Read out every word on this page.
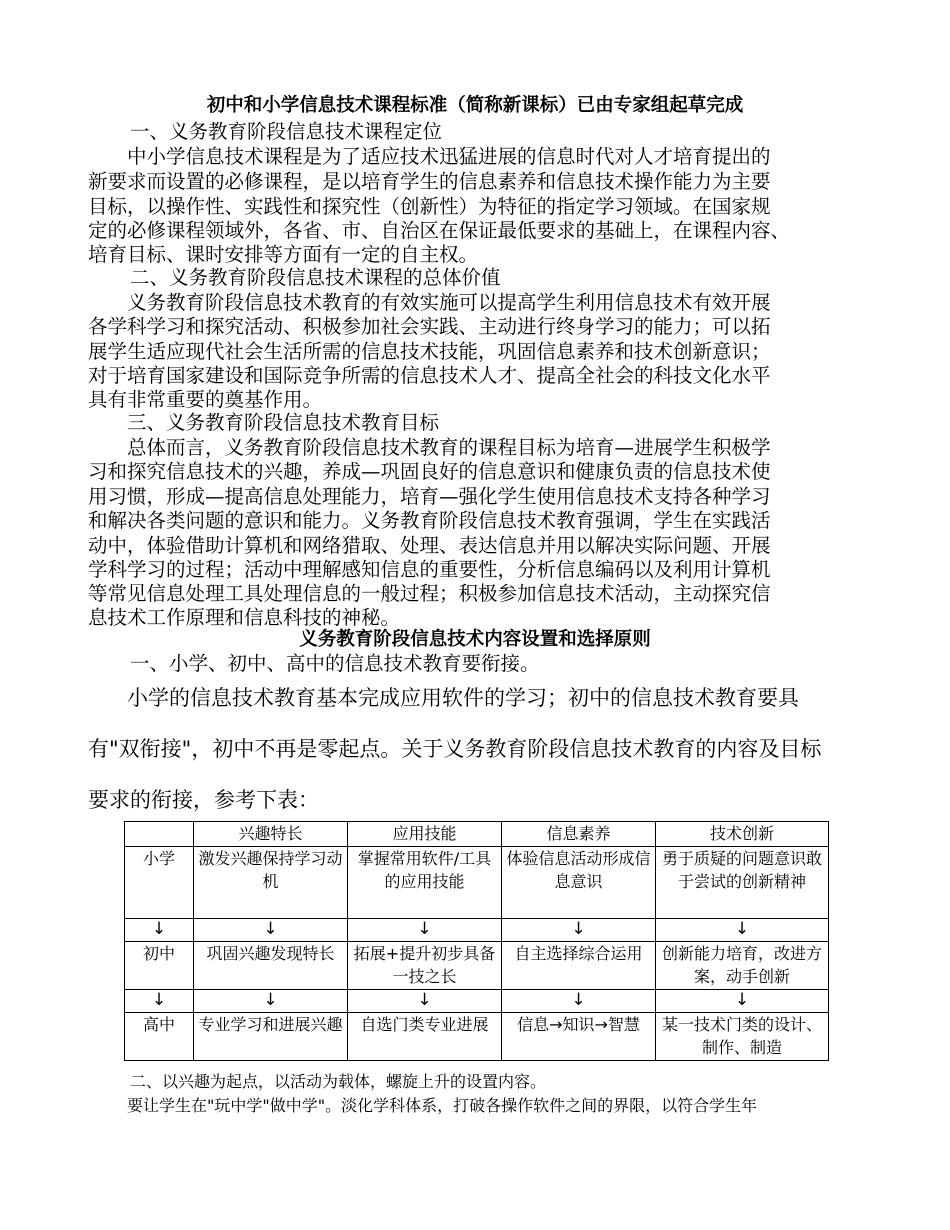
初中和小学信息技术课程标准（简称新课标）已由专家组起草完成
一、义务教育阶段信息技术课程定位
中小学信息技术课程是为了适应技术迅猛进展的信息时代对人才培育提出的
新要求而设置的必修课程，是以培育学生的信息素养和信息技术操作能力为主要
目标，以操作性、实践性和探究性（创新性）为特征的指定学习领域。在国家规
定的必修课程领域外，各省、市、自治区在保证最低要求的基础上，在课程内容、
培育目标、课时安排等方面有一定的自主权。
二、义务教育阶段信息技术课程的总体价值
义务教育阶段信息技术教育的有效实施可以提高学生利用信息技术有效开展
各学科学习和探究活动、积极参加社会实践、主动进行终身学习的能力；可以拓
展学生适应现代社会生活所需的信息技术技能，巩固信息素养和技术创新意识；
对于培育国家建设和国际竞争所需的信息技术人才、提高全社会的科技文化水平
具有非常重要的奠基作用。
三、义务教育阶段信息技术教育目标
总体而言，义务教育阶段信息技术教育的课程目标为培育—进展学生积极学
习和探究信息技术的兴趣，养成—巩固良好的信息意识和健康负责的信息技术使
用习惯，形成—提高信息处理能力，培育—强化学生使用信息技术支持各种学习
和解决各类问题的意识和能力。义务教育阶段信息技术教育强调，学生在实践活
动中，体验借助计算机和网络猎取、处理、表达信息并用以解决实际问题、开展
学科学习的过程；活动中理解感知信息的重要性，分析信息编码以及利用计算机
等常见信息处理工具处理信息的一般过程；积极参加信息技术活动，主动探究信
息技术工作原理和信息科技的神秘。
义务教育阶段信息技术内容设置和选择原则
一、小学、初中、高中的信息技术教育要衔接。
小学的信息技术教育基本完成应用软件的学习；初中的信息技术教育要具
有"双衔接"，初中不再是零起点。关于义务教育阶段信息技术教育的内容及目标
要求的衔接，参考下表：
	兴趣特长	应用技能	信息素养	技术创新
小学	激发兴趣保持学习动机	掌握常用软件/工具的应用技能	体验信息活动形成信息意识	勇于质疑的问题意识敢于尝试的创新精神
↓	↓	↓	↓	↓
初中	巩固兴趣发现特长	拓展+提升初步具备一技之长	自主选择综合运用	创新能力培育，改进方案，动手创新
↓	↓	↓	↓	↓
高中	专业学习和进展兴趣	自选门类专业进展	信息→知识→智慧	某一技术门类的设计、制作、制造
二、以兴趣为起点，以活动为载体，螺旋上升的设置内容。
要让学生在"玩中学"做中学"。淡化学科体系，打破各操作软件之间的界限，以符合学生年
